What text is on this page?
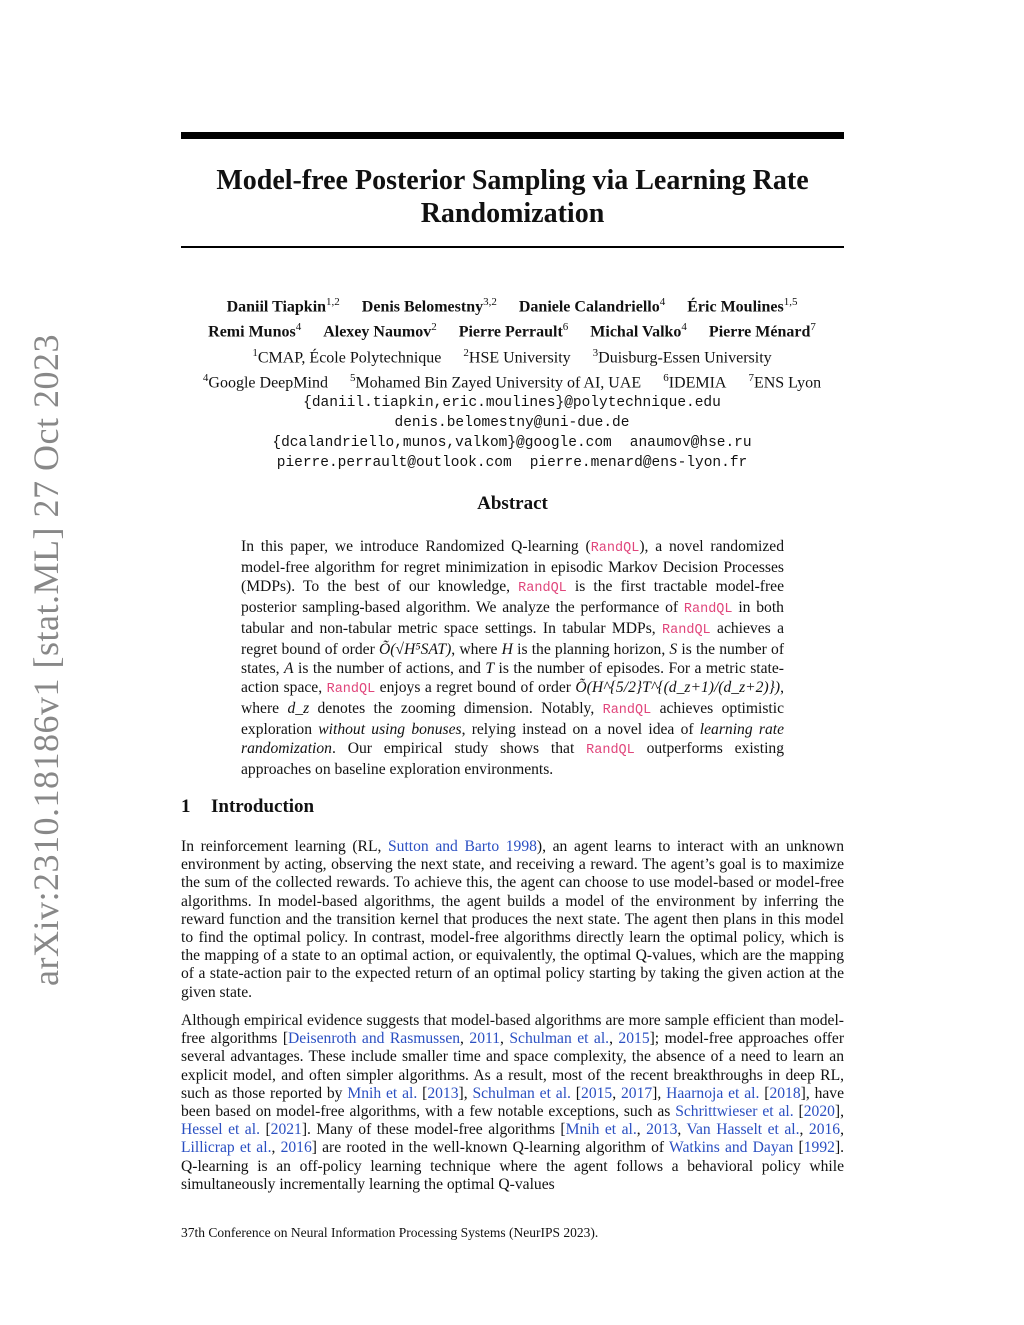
arXiv:2310.18186v1 [stat.ML] 27 Oct 2023
Model-free Posterior Sampling via Learning Rate Randomization
Daniil Tiapkin$^{1,2}$ Denis Belomestny$^{3,2}$ Daniele Calandriello$^4$ Éric Moulines$^{1,5}$
Remi Munos$^4$ Alexey Naumov$^2$ Pierre Perrault$^6$ Michal Valko$^4$ Pierre Ménard$^7$
$^1$CMAP, École Polytechnique $^2$HSE University $^3$Duisburg-Essen University
$^4$Google DeepMind $^5$Mohamed Bin Zayed University of AI, UAE $^6$IDEMIA $^7$ENS Lyon
{daniil.tiapkin,eric.moulines}@polytechnique.edu
denis.belomestny@uni-due.de
{dcalandriello,munos,valkom}@google.com anaumov@hse.ru
pierre.perrault@outlook.com pierre.menard@ens-lyon.fr
Abstract
In this paper, we introduce Randomized Q-learning (RandQL), a novel randomized model-free algorithm for regret minimization in episodic Markov Decision Processes (MDPs). To the best of our knowledge, RandQL is the first tractable model-free posterior sampling-based algorithm. We analyze the performance of RandQL in both tabular and non-tabular metric space settings. In tabular MDPs, RandQL achieves a regret bound of order Õ(√H⁵SAT), where H is the planning horizon, S is the number of states, A is the number of actions, and T is the number of episodes. For a metric state-action space, RandQL enjoys a regret bound of order Õ(H^{5/2}T^{(d_z+1)/(d_z+2)}), where d_z denotes the zooming dimension. Notably, RandQL achieves optimistic exploration without using bonuses, relying instead on a novel idea of learning rate randomization. Our empirical study shows that RandQL outperforms existing approaches on baseline exploration environments.
1 Introduction

In reinforcement learning (RL, Sutton and Barto 1998), an agent learns to interact with an unknown environment by acting, observing the next state, and receiving a reward. The agent’s goal is to maximize the sum of the collected rewards. To achieve this, the agent can choose to use model-based or model-free algorithms. In model-based algorithms, the agent builds a model of the environment by inferring the reward function and the transition kernel that produces the next state. The agent then plans in this model to find the optimal policy. In contrast, model-free algorithms directly learn the optimal policy, which is the mapping of a state to an optimal action, or equivalently, the optimal Q-values, which are the mapping of a state-action pair to the expected return of an optimal policy starting by taking the given action at the given state.

Although empirical evidence suggests that model-based algorithms are more sample efficient than model-free algorithms [Deisenroth and Rasmussen, 2011, Schulman et al., 2015]; model-free approaches offer several advantages. These include smaller time and space complexity, the absence of a need to learn an explicit model, and often simpler algorithms. As a result, most of the recent breakthroughs in deep RL, such as those reported by Mnih et al. [2013], Schulman et al. [2015, 2017], Haarnoja et al. [2018], have been based on model-free algorithms, with a few notable exceptions, such as Schrittwieser et al. [2020], Hessel et al. [2021]. Many of these model-free algorithms [Mnih et al., 2013, Van Hasselt et al., 2016, Lillicrap et al., 2016] are rooted in the well-known Q-learning algorithm of Watkins and Dayan [1992]. Q-learning is an off-policy learning technique where the agent follows a behavioral policy while simultaneously incrementally learning the optimal Q-values

37th Conference on Neural Information Processing Systems (NeurIPS 2023).
